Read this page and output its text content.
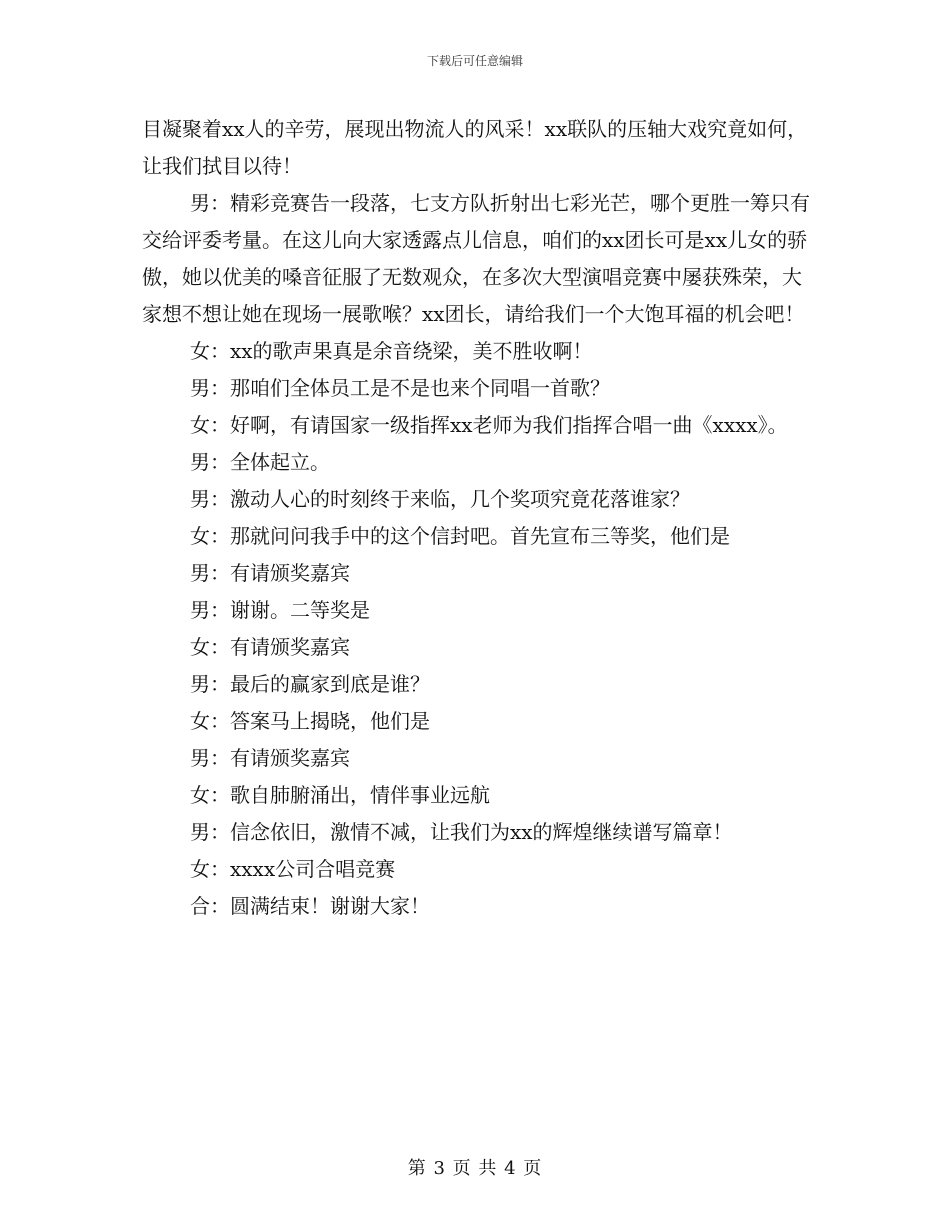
下载后可任意编辑

目凝聚着xx人的辛劳，展现出物流人的风采！xx联队的压轴大戏究竟如何，让我们拭目以待！

男：精彩竞赛告一段落，七支方队折射出七彩光芒，哪个更胜一筹只有交给评委考量。在这儿向大家透露点儿信息，咱们的xx团长可是xx儿女的骄傲，她以优美的嗓音征服了无数观众，在多次大型演唱竞赛中屡获殊荣，大家想不想让她在现场一展歌喉？xx团长，请给我们一个大饱耳福的机会吧！

女：xx的歌声果真是余音绕梁，美不胜收啊！

男：那咱们全体员工是不是也来个同唱一首歌？

女：好啊，有请国家一级指挥xx老师为我们指挥合唱一曲《xxxx》。

男：全体起立。

男：激动人心的时刻终于来临，几个奖项究竟花落谁家？

女：那就问问我手中的这个信封吧。首先宣布三等奖，他们是

男：有请颁奖嘉宾

男：谢谢。二等奖是

女：有请颁奖嘉宾

男：最后的赢家到底是谁？

女：答案马上揭晓，他们是

男：有请颁奖嘉宾

女：歌自肺腑涌出，情伴事业远航

男：信念依旧，激情不减，让我们为xx的辉煌继续谱写篇章！

女：xxxx公司合唱竞赛

合：圆满结束！谢谢大家！

第 3 页 共 4 页
